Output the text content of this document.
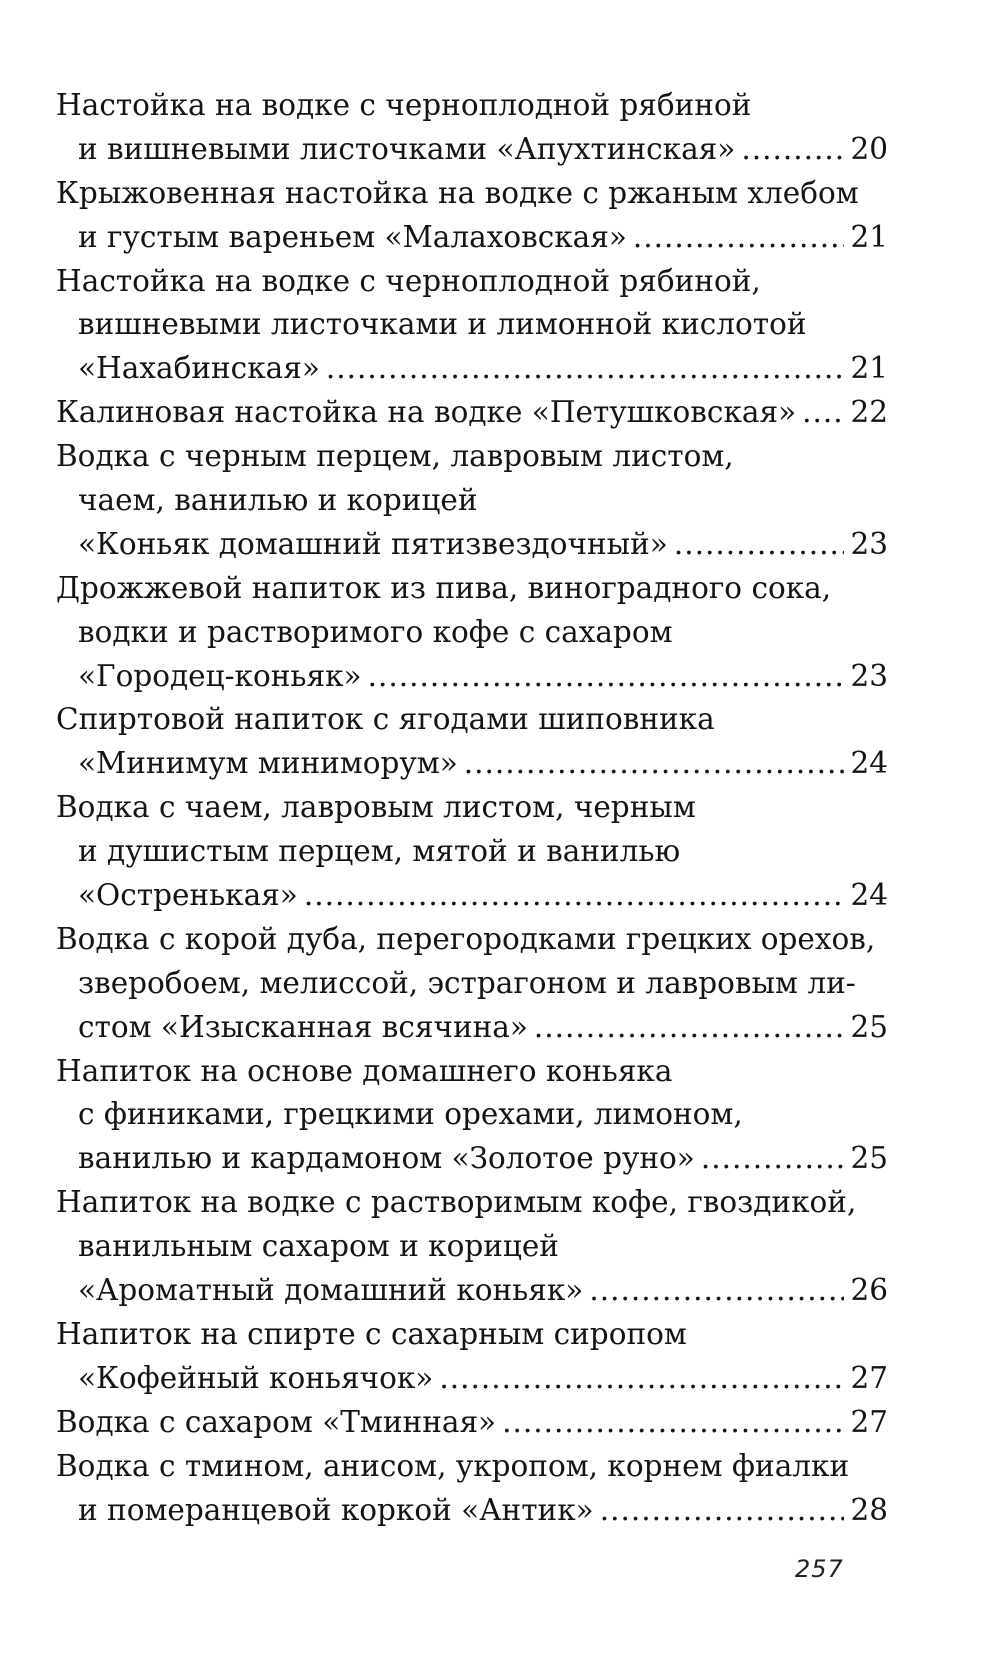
Настойка на водке с черноплодной рябиной
и вишневыми листочками «Апухтинская» .....	20
Крыжовенная настойка на водке с ржаным хлебом
и густым вареньем «Малаховская» .....	21
Настойка на водке с черноплодной рябиной,
вишневыми листочками и лимонной кислотой
«Нахабинская» .....	21
Калиновая настойка на водке «Петушковская» ..... 22
Водка с черным перцем, лавровым листом,
чаем, ванилью и корицей
«Коньяк домашний пятизвездочный» .....	23
Дрожжевой напиток из пива, виноградного сока,
водки и растворимого кофе с сахаром
«Городец-коньяк» .....	23
Спиртовой напиток с ягодами шиповника
«Минимум миниморум» .....	24
Водка с чаем, лавровым листом, черным
и душистым перцем, мятой и ванилью
«Остренькая» .....	24
Водка с корой дуба, перегородками грецких орехов,
зверобоем, мелиссой, эстрагоном и лавровым ли-
стом «Изысканная всячина» .....	25
Напиток на основе домашнего коньяка
с финиками, грецкими орехами, лимоном,
ванилью и кардамоном «Золотое руно» .....	25
Напиток на водке с растворимым кофе, гвоздикой,
ванильным сахаром и корицей
«Ароматный домашний коньяк» .....	26
Напиток на спирте с сахарным сиропом
«Кофейный коньячок» .....	27
Водка с сахаром «Тминная» .....	27
Водка с тмином, анисом, укропом, корнем фиалки
и померанцевой коркой «Антик» .....	28
257
